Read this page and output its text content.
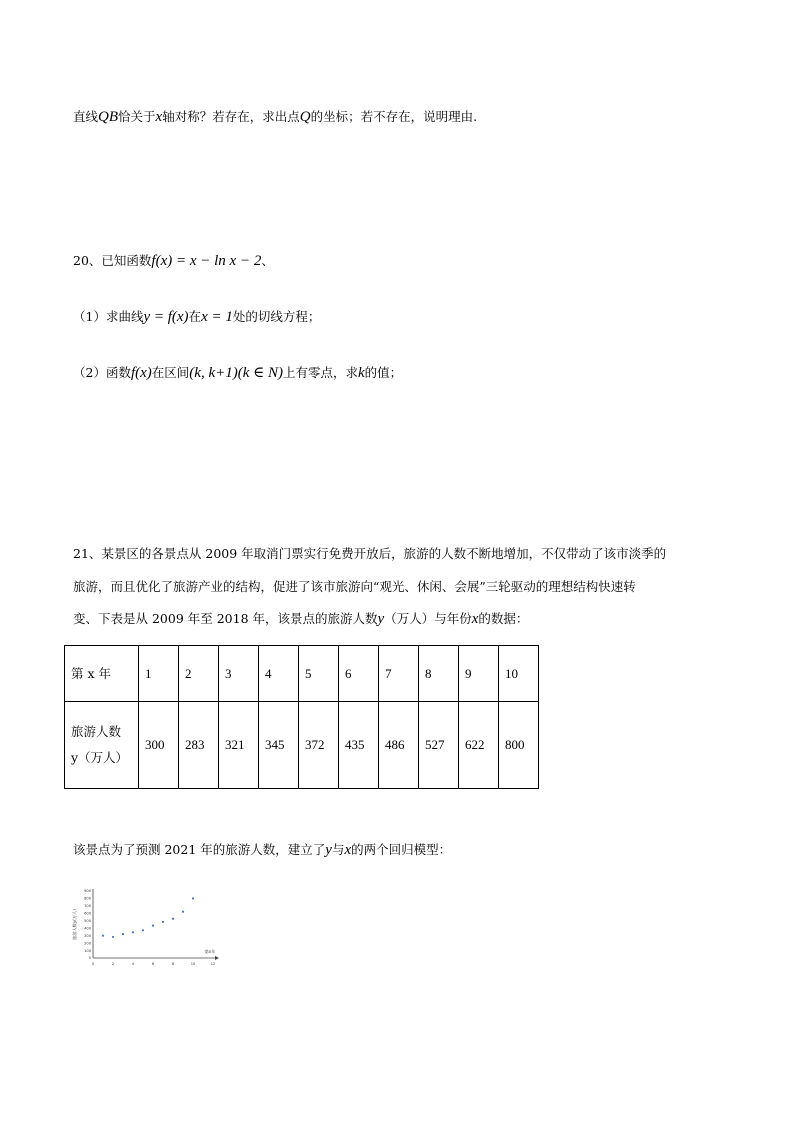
直线QB恰关于x轴对称？若存在，求出点Q的坐标；若不存在，说明理由.
20、已知函数f(x) = x − ln x − 2、
（1）求曲线y = f(x)在x = 1处的切线方程；
（2）函数f(x)在区间(k, k+1)(k ∈ N)上有零点，求k的值；
21、某景区的各景点从 2009 年取消门票实行免费开放后，旅游的人数不断地增加，不仅带动了该市淡季的
旅游，而且优化了旅游产业的结构，促进了该市旅游向“观光、休闲、会展”三轮驱动的理想结构快速转
变、下表是从 2009 年至 2018 年，该景点的旅游人数y（万人）与年份x的数据：
第 x 年	1	2	3	4	5	6	7	8	9	10

旅游人数
y（万人）	300	283	321	345	372	435	486	527	622	800
该景点为了预测 2021 年的旅游人数，建立了y与x的两个回归模型：
0	2	4	6	8	10	12
0
100
200
300
400
500
600
700
800
900
旅游人数y(万人)
第x年
